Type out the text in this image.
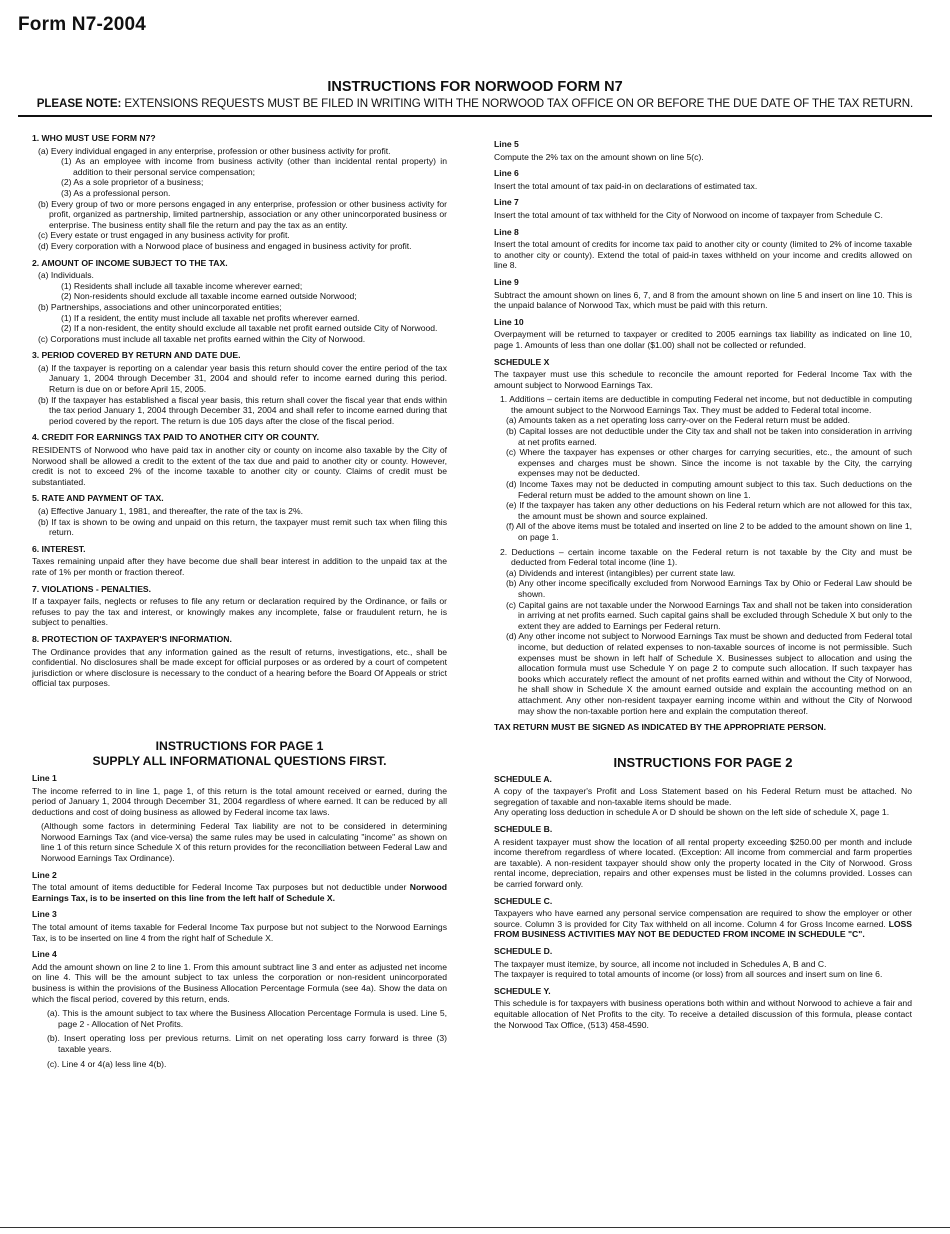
Form N7-2004
INSTRUCTIONS FOR NORWOOD FORM N7
PLEASE NOTE: EXTENSIONS REQUESTS MUST BE FILED IN WRITING WITH THE NORWOOD TAX OFFICE ON OR BEFORE THE DUE DATE OF THE TAX RETURN.
1. WHO MUST USE FORM N7?
(a) Every individual engaged in any enterprise, profession or other business activity for profit.
(1) As an employee with income from business activity (other than incidental rental property) in addition to their personal service compensation;
(2) As a sole proprietor of a business;
(3) As a professional person.
(b) Every group of two or more persons engaged in any enterprise, profession or other business activity for profit, organized as partnership, limited partnership, association or any other unincorporated business or enterprise. The business entity shall file the return and pay the tax as an entity.
(c) Every estate or trust engaged in any business activity for profit.
(d) Every corporation with a Norwood place of business and engaged in business activity for profit.
2. AMOUNT OF INCOME SUBJECT TO THE TAX.
(a) Individuals.
(1) Residents shall include all taxable income wherever earned;
(2) Non-residents should exclude all taxable income earned outside Norwood;
(b) Partnerships, associations and other unincorporated entities;
(1) If a resident, the entity must include all taxable net profits wherever earned.
(2) If a non-resident, the entity should exclude all taxable net profit earned outside City of Norwood.
(c) Corporations must include all taxable net profits earned within the City of Norwood.
3. PERIOD COVERED BY RETURN AND DATE DUE.
(a) If the taxpayer is reporting on a calendar year basis this return should cover the entire period of the tax January 1, 2004 through December 31, 2004 and should refer to income earned during this period. Return is due on or before April 15, 2005.
(b) If the taxpayer has established a fiscal year basis, this return shall cover the fiscal year that ends within the tax period January 1, 2004 through December 31, 2004 and shall refer to income earned during that period covered by the report. The return is due 105 days after the close of the fiscal period.
4. CREDIT FOR EARNINGS TAX PAID TO ANOTHER CITY OR COUNTY.
RESIDENTS of Norwood who have paid tax in another city or county on income also taxable by the City of Norwood shall be allowed a credit to the extent of the tax due and paid to another city or county. However, credit is not to exceed 2% of the income taxable to another city or county. Claims of credit must be substantiated.
5. RATE AND PAYMENT OF TAX.
(a) Effective January 1, 1981, and thereafter, the rate of the tax is 2%.
(b) If tax is shown to be owing and unpaid on this return, the taxpayer must remit such tax when filing this return.
6. INTEREST.
Taxes remaining unpaid after they have become due shall bear interest in addition to the unpaid tax at the rate of 1% per month or fraction thereof.
7. VIOLATIONS - PENALTIES.
If a taxpayer fails, neglects or refuses to file any return or declaration required by the Ordinance, or fails or refuses to pay the tax and interest, or knowingly makes any incomplete, false or fraudulent return, he is subject to penalties.
8. PROTECTION OF TAXPAYER'S INFORMATION.
The Ordinance provides that any information gained as the result of returns, investigations, etc., shall be confidential. No disclosures shall be made except for official purposes or as ordered by a court of competent jurisdiction or where disclosure is necessary to the conduct of a hearing before the Board Of Appeals or strict official tax purposes.
INSTRUCTIONS FOR PAGE 1
SUPPLY ALL INFORMATIONAL QUESTIONS FIRST.
Line 1
The income referred to in line 1, page 1, of this return is the total amount received or earned, during the period of January 1, 2004 through December 31, 2004 regardless of where earned. It can be reduced by all deductions and cost of doing business as allowed by Federal income tax laws.
(Although some factors in determining Federal Tax liability are not to be considered in determining Norwood Earnings Tax (and vice-versa) the same rules may be used in calculating "income" as shown on line 1 of this return since Schedule X of this return provides for the reconciliation between Federal Law and Norwood Earnings Tax Ordinance).
Line 2
The total amount of items deductible for Federal Income Tax purposes but not deductible under Norwood Earnings Tax, is to be inserted on this line from the left half of Schedule X.
Line 3
The total amount of items taxable for Federal Income Tax purpose but not subject to the Norwood Earnings Tax, is to be inserted on line 4 from the right half of Schedule X.
Line 4
Add the amount shown on line 2 to line 1. From this amount subtract line 3 and enter as adjusted net income on line 4. This will be the amount subject to tax unless the corporation or non-resident unincorporated business is within the provisions of the Business Allocation Percentage Formula (see 4a). Show the data on which the fiscal period, covered by this return, ends.
(a). This is the amount subject to tax where the Business Allocation Percentage Formula is used. Line 5, page 2 - Allocation of Net Profits.
(b). Insert operating loss per previous returns. Limit on net operating loss carry forward is three (3) taxable years.
(c). Line 4 or 4(a) less line 4(b).
Line 5
Compute the 2% tax on the amount shown on line 5(c).
Line 6
Insert the total amount of tax paid-in on declarations of estimated tax.
Line 7
Insert the total amount of tax withheld for the City of Norwood on income of taxpayer from Schedule C.
Line 8
Insert the total amount of credits for income tax paid to another city or county (limited to 2% of income taxable to another city or county). Extend the total of paid-in taxes withheld on your income and credits allowed on line 8.
Line 9
Subtract the amount shown on lines 6, 7, and 8 from the amount shown on line 5 and insert on line 10. This is the unpaid balance of Norwood Tax, which must be paid with this return.
Line 10
Overpayment will be returned to taxpayer or credited to 2005 earnings tax liability as indicated on line 10, page 1. Amounts of less than one dollar ($1.00) shall not be collected or refunded.
SCHEDULE X
The taxpayer must use this schedule to reconcile the amount reported for Federal Income Tax with the amount subject to Norwood Earnings Tax.
1. Additions – certain items are deductible in computing Federal net income, but not deductible in computing the amount subject to the Norwood Earnings Tax. They must be added to Federal total income.
(a) Amounts taken as a net operating loss carry-over on the Federal return must be added.
(b) Capital losses are not deductible under the City tax and shall not be taken into consideration in arriving at net profits earned.
(c) Where the taxpayer has expenses or other charges for carrying securities, etc., the amount of such expenses and charges must be shown. Since the income is not taxable by the City, the carrying expenses may not be deducted.
(d) Income Taxes may not be deducted in computing amount subject to this tax. Such deductions on the Federal return must be added to the amount shown on line 1.
(e) If the taxpayer has taken any other deductions on his Federal return which are not allowed for this tax, the amount must be shown and source explained.
(f) All of the above items must be totaled and inserted on line 2 to be added to the amount shown on line 1, on page 1.
2. Deductions – certain income taxable on the Federal return is not taxable by the City and must be deducted from Federal total income (line 1).
(a) Dividends and interest (intangibles) per current state law.
(b) Any other income specifically excluded from Norwood Earnings Tax by Ohio or Federal Law should be shown.
(c) Capital gains are not taxable under the Norwood Earnings Tax and shall not be taken into consideration in arriving at net profits earned. Such capital gains shall be excluded through Schedule X but only to the extent they are added to Earnings per Federal return.
(d) Any other income not subject to Norwood Earnings Tax must be shown and deducted from Federal total income, but deduction of related expenses to non-taxable sources of income is not permissible. Such expenses must be shown in left half of Schedule X. Businesses subject to allocation and using the allocation formula must use Schedule Y on page 2 to compute such allocation. If such taxpayer has books which accurately reflect the amount of net profits earned within and without the City of Norwood, he shall show in Schedule X the amount earned outside and explain the accounting method on an attachment. Any other non-resident taxpayer earning income within and without the City of Norwood may show the non-taxable portion here and explain the computation thereof.
TAX RETURN MUST BE SIGNED AS INDICATED BY THE APPROPRIATE PERSON.
INSTRUCTIONS FOR PAGE 2
SCHEDULE A.
A copy of the taxpayer's Profit and Loss Statement based on his Federal Return must be attached. No segregation of taxable and non-taxable items should be made.
Any operating loss deduction in schedule A or D should be shown on the left side of schedule X, page 1.
SCHEDULE B.
A resident taxpayer must show the location of all rental property exceeding $250.00 per month and include income therefrom regardless of where located. (Exception: All income from commercial and farm properties are taxable). A non-resident taxpayer should show only the property located in the City of Norwood. Gross rental income, depreciation, repairs and other expenses must be listed in the columns provided. Losses can be carried forward only.
SCHEDULE C.
Taxpayers who have earned any personal service compensation are required to show the employer or other source. Column 3 is provided for City Tax withheld on all income. Column 4 for Gross Income earned. LOSS FROM BUSINESS ACTIVITIES MAY NOT BE DEDUCTED FROM INCOME IN SCHEDULE "C".
SCHEDULE D.
The taxpayer must itemize, by source, all income not included in Schedules A, B and C.
The taxpayer is required to total amounts of income (or loss) from all sources and insert sum on line 6.
SCHEDULE Y.
This schedule is for taxpayers with business operations both within and without Norwood to achieve a fair and equitable allocation of Net Profits to the city. To receive a detailed discussion of this formula, please contact the Norwood Tax Office, (513) 458-4590.
